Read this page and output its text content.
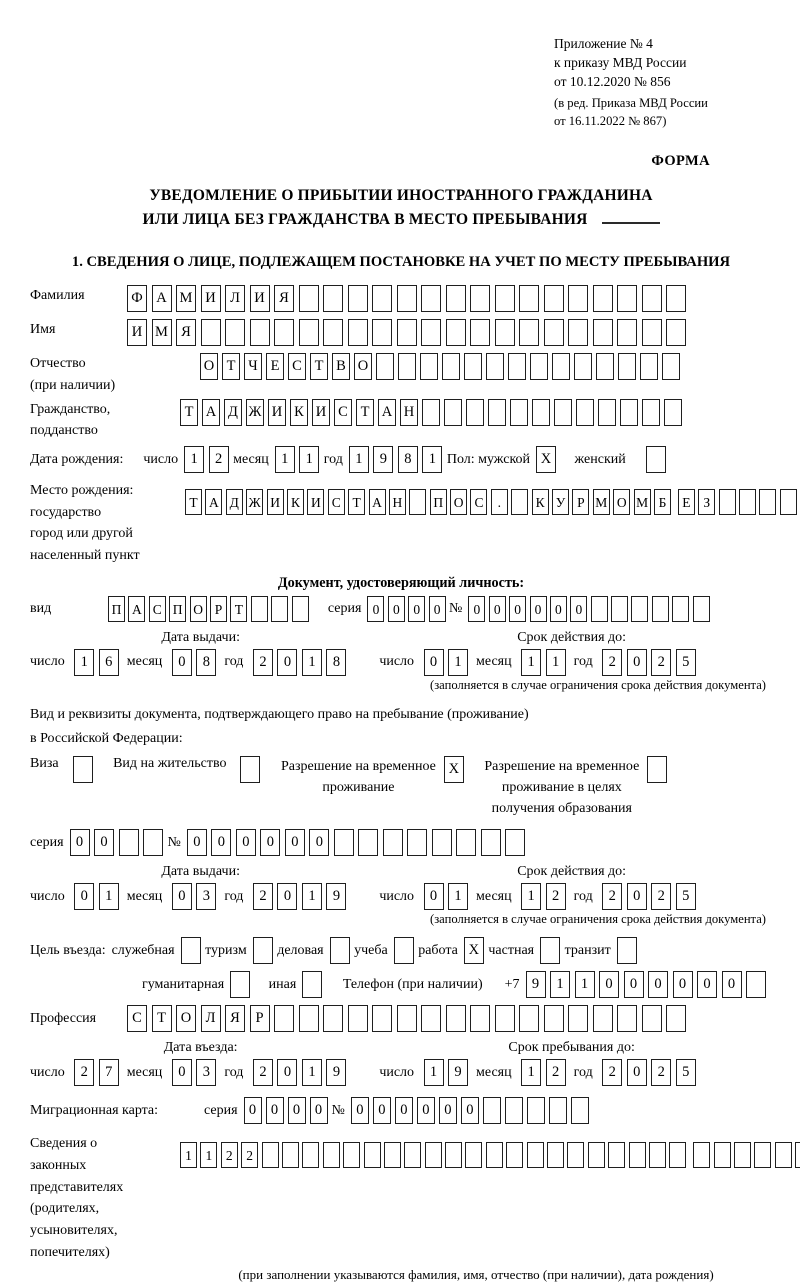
Приложение № 4
к приказу МВД России
от 10.12.2020 № 856
(в ред. Приказа МВД России
от 16.11.2022 № 867)
ФОРМА
УВЕДОМЛЕНИЕ О ПРИБЫТИИ ИНОСТРАННОГО ГРАЖДАНИНА
ИЛИ ЛИЦА БЕЗ ГРАЖДАНСТВА В МЕСТО ПРЕБЫВАНИЯ
1. СВЕДЕНИЯ О ЛИЦЕ, ПОДЛЕЖАЩЕМ ПОСТАНОВКЕ НА УЧЕТ ПО МЕСТУ ПРЕБЫВАНИЯ
Фамилия	Ф А М И Л И Я
Имя	И М Я
Отчество
(при наличии)
О Т Ч Е С Т В О
Гражданство,
подданство
Т А Д Ж И К И С Т А Н
Дата рождения: число 1 2 месяц 1 1 год 1 9 8 1 Пол: мужской X	женский
Место рождения:
государство
город или другой
населенный пункт
Т А Д Ж И К И С Т А Н П О С .	К У Р М О М Б Е З
Документ, удостоверяющий личность:
вид	П А С П О Р Т	серия 0 0 0 0 № 0 0 0 0 0 0
Дата выдачи:	Срок действия до:
число 1 6 месяц 0 8 год 2 0 1 8	число 0 1 месяц 1 1 год 2 0 2 5
(заполняется в случае ограничения срока действия документа)
Вид и реквизиты документа, подтверждающего право на пребывание (проживание)
в Российской Федерации:
Виза	Вид на жительство	Разрешение на временное
проживание
X	Разрешение на временное
проживание в целях
получения образования
серия 0 0	№ 0 0 0 0 0 0
Дата выдачи:	Срок действия до:
число 0 1 месяц 0 3 год 2 0 1 9	число 0 1 месяц 1 2 год 2 0 2 5
(заполняется в случае ограничения срока действия документа)
Цель въезда: служебная туризм деловая учеба работа X частная транзит
гуманитарная	иная	Телефон (при наличии) +7 9 1 1 0 0 0 0 0 0
Профессия	С Т О Л Я Р
Дата въезда:	Срок пребывания до:
число 2 7 месяц 0 3 год 2 0 1 9	число 1 9 месяц 1 2 год 2 0 2 5
Миграционная карта:	серия 0 0 0 0 № 0 0 0 0 0 0
Сведения о
законных
представителях
(родителях,
усыновителях,
попечителях)
1 1 2 2
(при заполнении указываются фамилия, имя, отчество (при наличии), дата рождения)
